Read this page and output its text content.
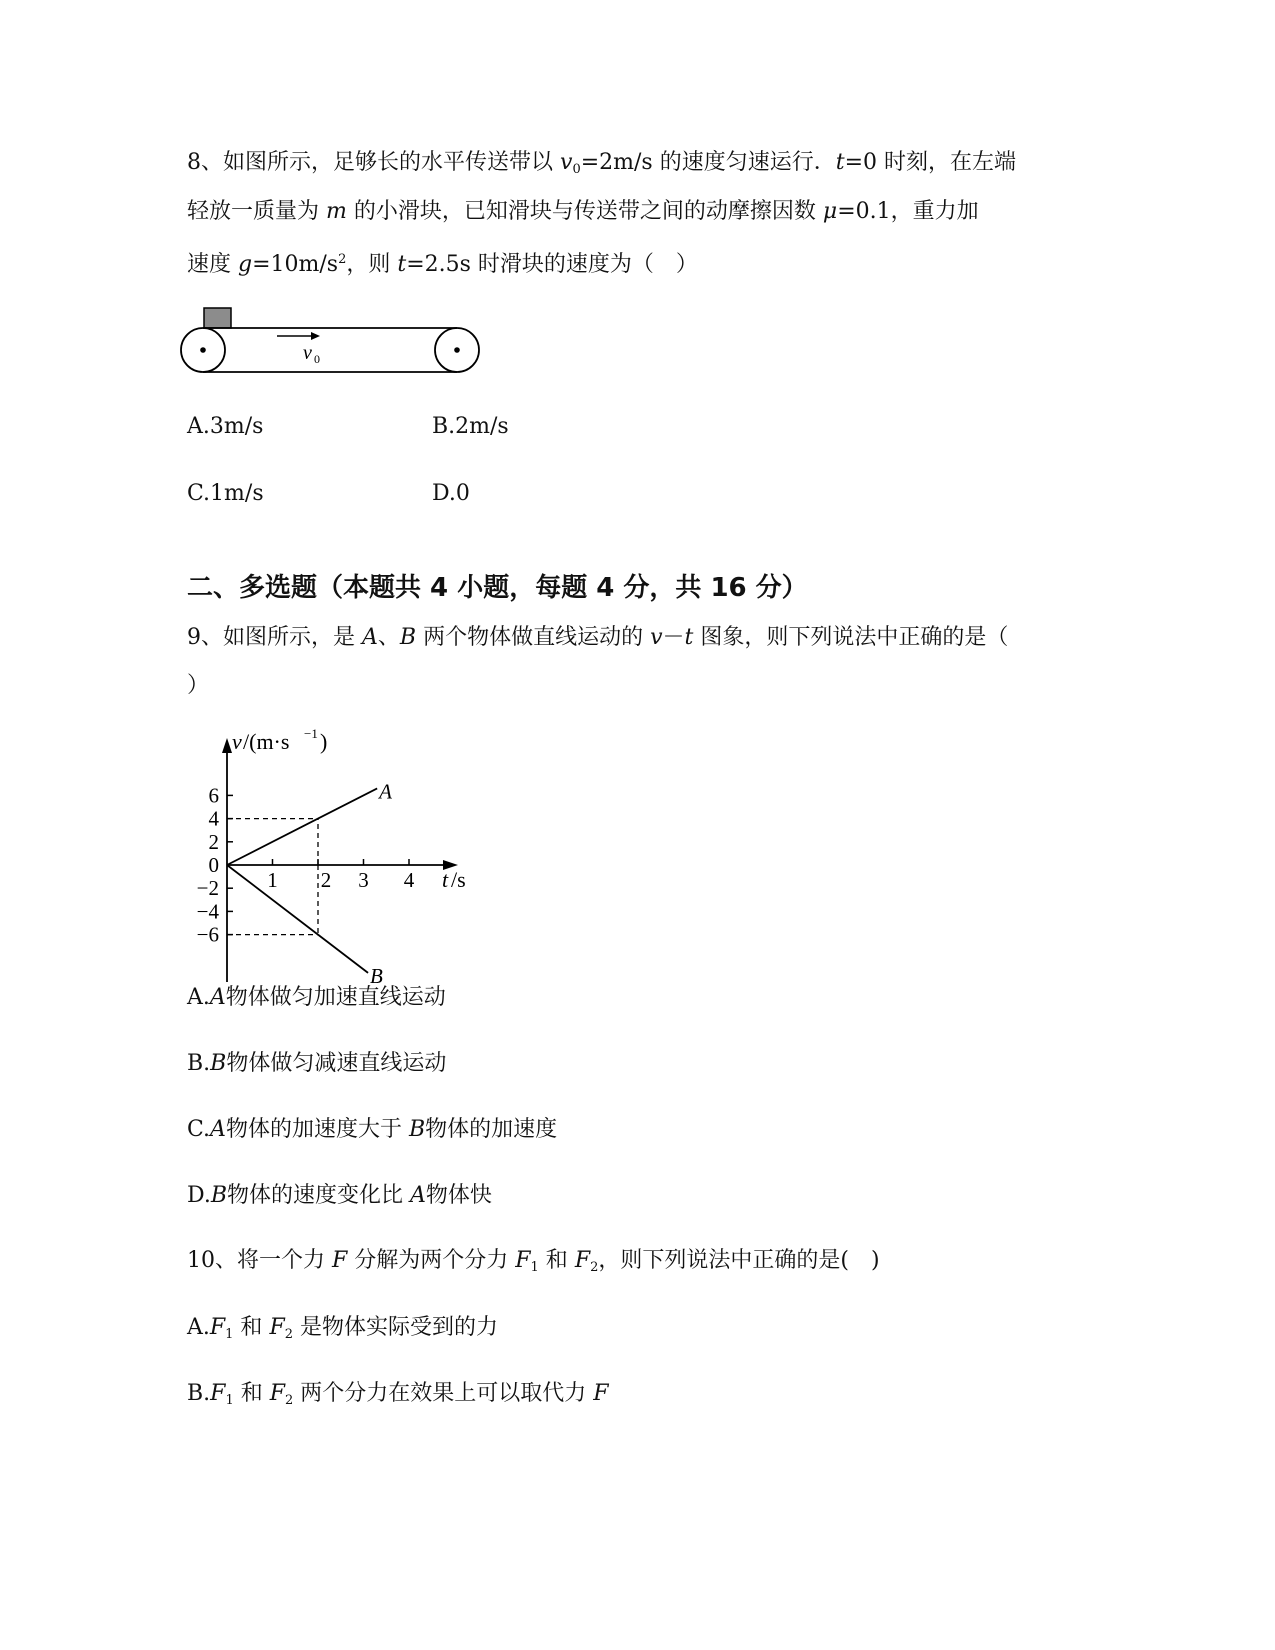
8、如图所示，足够长的水平传送带以 $v_0=2m/s$ 的速度匀速运行．t=0 时刻，在左端
轻放一质量为 m 的小滑块，已知滑块与传送带之间的动摩擦因数 μ=0.1，重力加
速度 $g=10m/s^2$，则 t=2.5s 时滑块的速度为（　）
v 0
A.3m/s	B.2m/s
C.1m/s	D.0
二、多选题（本题共 4 小题，每题 4 分，共 16 分）
9、如图所示，是 A、B 两个物体做直线运动的 v－t 图象，则下列说法中正确的是（
）
v /(m·s −1 )
t /s
6
4
2
0
−2
−4
−6
1 2 3 4
A
B
A.A物体做匀加速直线运动
B.B物体做匀减速直线运动
C.A物体的加速度大于 B物体的加速度
D.B物体的速度变化比 A物体快
10、将一个力 F 分解为两个分力 $F_1$ 和 $F_2$，则下列说法中正确的是(　)
$A.F_1$ 和 $F_2$ 是物体实际受到的力
$B.F_1$ 和 $F_2$ 两个分力在效果上可以取代力 F
